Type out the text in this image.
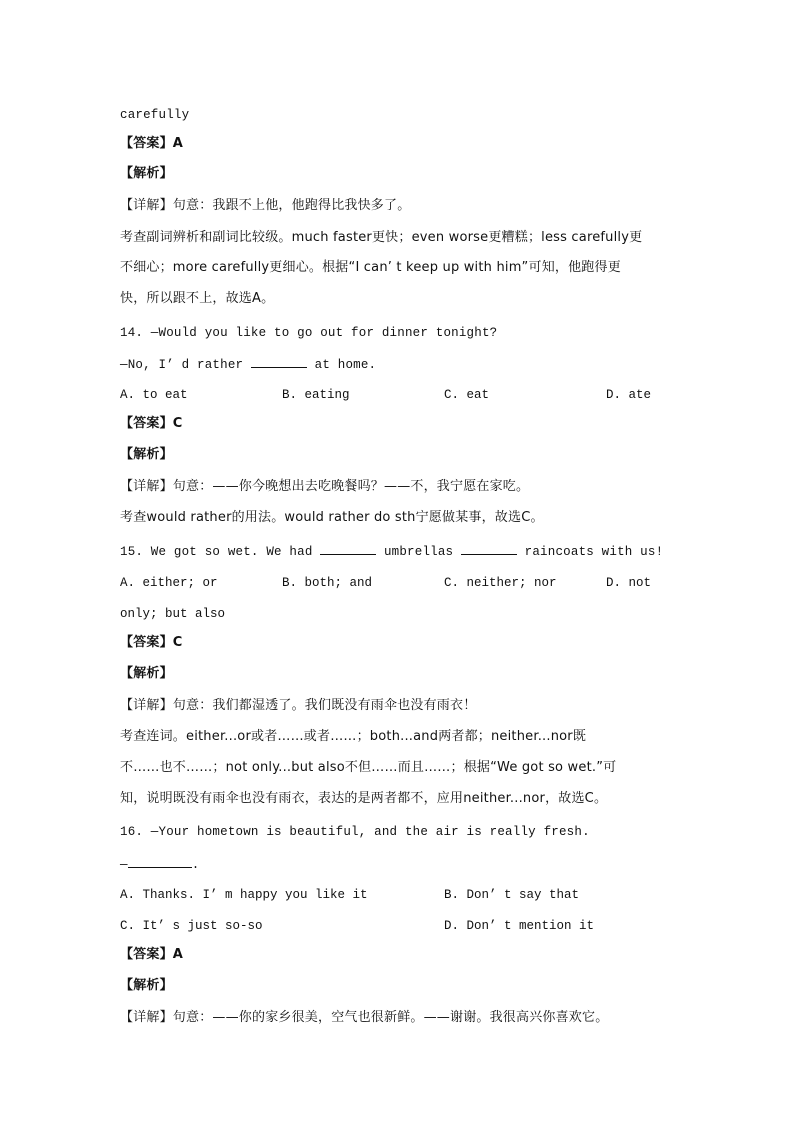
carefully
【答案】A
【解析】
【详解】句意：我跟不上他，他跑得比我快多了。
考查副词辨析和副词比较级。much faster更快；even worse更糟糕；less carefully更
不细心；more carefully更细心。根据“I can’ t keep up with him”可知，他跑得更
快，所以跟不上，故选A。
14. —Would you like to go out for dinner tonight?
—No, I’ d rather	at home.
A. to eat	B. eating	C. eat	D. ate
【答案】C
【解析】
【详解】句意：——你今晚想出去吃晚餐吗？——不，我宁愿在家吃。
考查would rather的用法。would rather do sth宁愿做某事，故选C。
15. We got so wet. We had	umbrellas	raincoats with us!
A. either; or	B. both; and	C. neither; nor	D. not
only; but also
【答案】C
【解析】
【详解】句意：我们都湿透了。我们既没有雨伞也没有雨衣！
考查连词。either...or或者……或者……；both...and两者都；neither...nor既
不……也不……；not only...but also不但……而且……；根据“We got so wet.”可
知，说明既没有雨伞也没有雨衣，表达的是两者都不，应用neither...nor，故选C。
16. —Your hometown is beautiful, and the air is really fresh.
—	.
A. Thanks. I’ m happy you like it	B. Don’ t say that
C. It’ s just so-so	D. Don’ t mention it
【答案】A
【解析】
【详解】句意：——你的家乡很美，空气也很新鲜。——谢谢。我很高兴你喜欢它。
